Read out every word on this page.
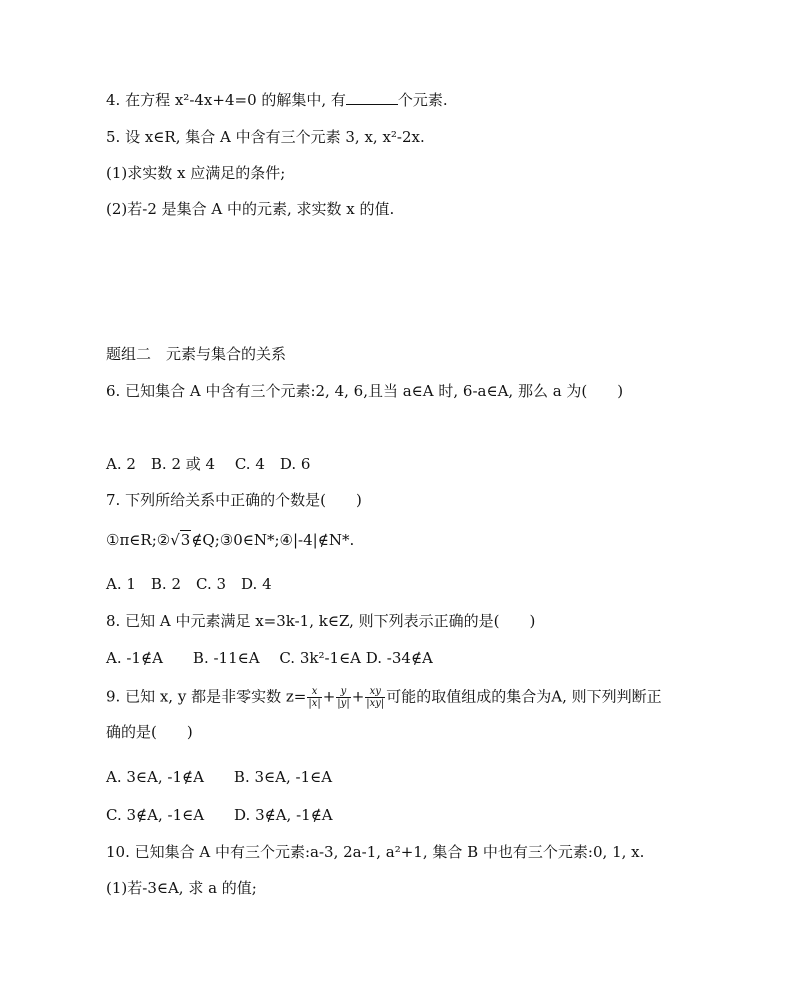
4. 在方程 x²-4x+4=0 的解集中, 有	个元素.
5. 设 x∈R, 集合 A 中含有三个元素 3, x, x²-2x.
(1)求实数 x 应满足的条件;
(2)若-2 是集合 A 中的元素, 求实数 x 的值.
题组二　元素与集合的关系
6. 已知集合 A 中含有三个元素:2, 4, 6,且当 a∈A 时, 6-a∈A, 那么 a 为( )
A. 2　B. 2 或 4　 C. 4　D. 6
7. 下列所给关系中正确的个数是( )
①π∈R;②√3∉Q;③0∈N*;④|-4|∉N*.
A. 1　B. 2　C. 3　D. 4
8. 已知 A 中元素满足 x=3k-1, k∈Z, 则下列表示正确的是( )
A. -1∉A　　B. -11∈A　 C. 3k²-1∈A D. -34∉A
9. 已知 x, y 都是非零实数 $z= \frac{x}{|x|} + \frac{y}{|y|} + \frac{xy}{|xy|}$ 可能的取值组成的集合为A, 则下列判断正
确的是( )
A. 3∈A, -1∉A　　B. 3∈A, -1∈A
C. 3∉A, -1∈A　　D. 3∉A, -1∉A
10. 已知集合 A 中有三个元素:a-3, 2a-1, a²+1, 集合 B 中也有三个元素:0, 1, x.
(1)若-3∈A, 求 a 的值;
